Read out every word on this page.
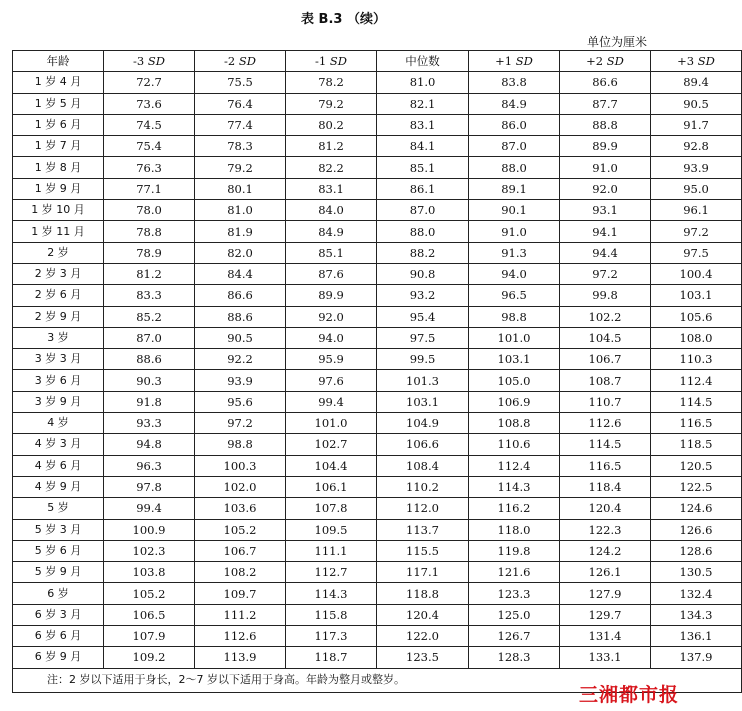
表 B.3 （续）
单位为厘米
年龄	-3 SD	-2 SD	-1 SD	中位数	+1 SD	+2 SD	+3 SD
1 岁 4 月	72.7	75.5	78.2	81.0	83.8	86.6	89.4
1 岁 5 月	73.6	76.4	79.2	82.1	84.9	87.7	90.5
1 岁 6 月	74.5	77.4	80.2	83.1	86.0	88.8	91.7
1 岁 7 月	75.4	78.3	81.2	84.1	87.0	89.9	92.8
1 岁 8 月	76.3	79.2	82.2	85.1	88.0	91.0	93.9
1 岁 9 月	77.1	80.1	83.1	86.1	89.1	92.0	95.0
1 岁 10 月	78.0	81.0	84.0	87.0	90.1	93.1	96.1
1 岁 11 月	78.8	81.9	84.9	88.0	91.0	94.1	97.2
2 岁	78.9	82.0	85.1	88.2	91.3	94.4	97.5
2 岁 3 月	81.2	84.4	87.6	90.8	94.0	97.2	100.4
2 岁 6 月	83.3	86.6	89.9	93.2	96.5	99.8	103.1
2 岁 9 月	85.2	88.6	92.0	95.4	98.8	102.2	105.6
3 岁	87.0	90.5	94.0	97.5	101.0	104.5	108.0
3 岁 3 月	88.6	92.2	95.9	99.5	103.1	106.7	110.3
3 岁 6 月	90.3	93.9	97.6	101.3	105.0	108.7	112.4
3 岁 9 月	91.8	95.6	99.4	103.1	106.9	110.7	114.5
4 岁	93.3	97.2	101.0	104.9	108.8	112.6	116.5
4 岁 3 月	94.8	98.8	102.7	106.6	110.6	114.5	118.5
4 岁 6 月	96.3	100.3	104.4	108.4	112.4	116.5	120.5
4 岁 9 月	97.8	102.0	106.1	110.2	114.3	118.4	122.5
5 岁	99.4	103.6	107.8	112.0	116.2	120.4	124.6
5 岁 3 月	100.9	105.2	109.5	113.7	118.0	122.3	126.6
5 岁 6 月	102.3	106.7	111.1	115.5	119.8	124.2	128.6
5 岁 9 月	103.8	108.2	112.7	117.1	121.6	126.1	130.5
6 岁	105.2	109.7	114.3	118.8	123.3	127.9	132.4
6 岁 3 月	106.5	111.2	115.8	120.4	125.0	129.7	134.3
6 岁 6 月	107.9	112.6	117.3	122.0	126.7	131.4	136.1
6 岁 9 月	109.2	113.9	118.7	123.5	128.3	133.1	137.9
注：2 岁以下适用于身长，2〜7 岁以下适用于身高。年龄为整月或整岁。							
三湘都市报
